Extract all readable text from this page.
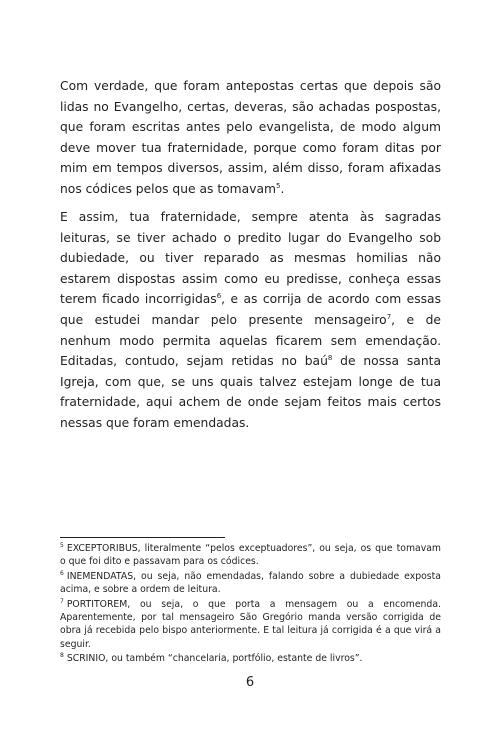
Com verdade, que foram antepostas certas que depois são lidas no Evangelho, certas, deveras, são achadas pospostas, que foram escritas antes pelo evangelista, de modo algum deve mover tua fraternidade, porque como foram ditas por mim em tempos diversos, assim, além disso, foram afixadas nos códices pelos que as tomavam$^5$.

E assim, tua fraternidade, sempre atenta às sagradas leituras, se tiver achado o predito lugar do Evangelho sob dubiedade, ou tiver reparado as mesmas homilias não estarem dispostas assim como eu predisse, conheça essas terem ficado incorrigidas$^6$, e as corrija de acordo com essas que estudei mandar pelo presente mensageiro$^7$, e de nenhum modo permita aquelas ficarem sem emendação. Editadas, contudo, sejam retidas no baú$^8$ de nossa santa Igreja, com que, se uns quais talvez estejam longe de tua fraternidade, aqui achem de onde sejam feitos mais certos nessas que foram emendadas.

$^5$ EXCEPTORIBUS, literalmente “pelos exceptuadores”, ou seja, os que tomavam o que foi dito e passavam para os códices.

$^6$ INEMENDATAS, ou seja, não emendadas, falando sobre a dubiedade exposta acima, e sobre a ordem de leitura.

$^7$ PORTITOREM, ou seja, o que porta a mensagem ou a encomenda. Aparentemente, por tal mensageiro São Gregório manda versão corrigida de obra já recebida pelo bispo anteriormente. E tal leitura já corrigida é a que virá a seguir.

$^8$ SCRINIO, ou também “chancelaria, portfólio, estante de livros”.

6
